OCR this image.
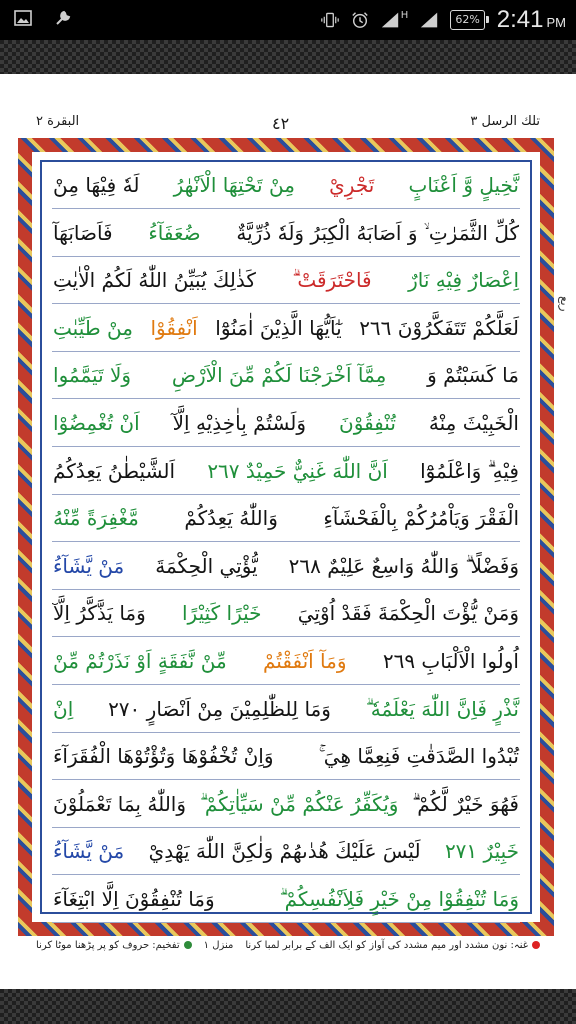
H	62% 2:41 PM
البقرة ٢	٤٢	تلك الرسل ٣
نَّخِيلٍ وَّ اَعْنَابٍ
تَجْرِيْ
مِنْ تَحْتِهَا الْاَنْهٰرُ
لَهٗ فِيْهَا مِنْ
كُلِّ الثَّمَرٰتِ ۙ وَ اَصَابَهُ الْكِبَرُ وَلَهٗ ذُرِّيَّةٌ
ضُعَفَآءُ
فَاَصَابَهَآ
اِعْصَارٌ فِيْهِ نَارٌ
فَاحْتَرَقَتْ ۗ
كَذٰلِكَ يُبَيِّنُ اللّٰهُ لَكُمُ الْاٰيٰتِ
لَعَلَّكُمْ تَتَفَكَّرُوْنَ ٢٦٦
يٰٓاَيُّهَا الَّذِيْنَ اٰمَنُوْٓا
اَنْفِقُوْا
مِنْ طَيِّبٰتِ
مَا كَسَبْتُمْ وَ
مِمَّآ اَخْرَجْنَا لَكُمْ مِّنَ الْاَرْضِ
وَلَا تَيَمَّمُوا
الْخَبِيْثَ مِنْهُ
تُنْفِقُوْنَ
وَلَسْتُمْ بِاٰخِذِيْهِ اِلَّآ
اَنْ تُغْمِضُوْا
فِيْهِ ۗ وَاعْلَمُوْٓا
اَنَّ اللّٰهَ غَنِيٌّ حَمِيْدٌ ٢٦٧
اَلشَّيْطٰنُ يَعِدُكُمُ
الْفَقْرَ وَيَاْمُرُكُمْ بِالْفَحْشَآءِ
وَاللّٰهُ يَعِدُكُمْ
مَّغْفِرَةً مِّنْهُ
وَفَضْلًا ۗ وَاللّٰهُ وَاسِعٌ عَلِيْمٌ ٢٦٨
يُّؤْتِي الْحِكْمَةَ
مَنْ يَّشَآءُ
وَمَنْ يُّؤْتَ الْحِكْمَةَ فَقَدْ اُوْتِيَ
خَيْرًا كَثِيْرًا
وَمَا يَذَّكَّرُ اِلَّآ
اُولُوا الْاَلْبَابِ ٢٦٩
وَمَآ اَنْفَقْتُمْ
مِّنْ نَّفَقَةٍ اَوْ نَذَرْتُمْ مِّنْ
نَّذْرٍ فَاِنَّ اللّٰهَ يَعْلَمُهٗ ۗ
وَمَا لِلظّٰلِمِيْنَ مِنْ اَنْصَارٍ ٢٧٠
اِنْ
تُبْدُوا الصَّدَقٰتِ فَنِعِمَّا هِيَ ۚ
وَاِنْ تُخْفُوْهَا وَتُؤْتُوْهَا الْفُقَرَآءَ
فَهُوَ خَيْرٌ لَّكُمْ ۗ
وَيُكَفِّرُ عَنْكُمْ مِّنْ سَيِّاٰتِكُمْ ۗ
وَاللّٰهُ بِمَا تَعْمَلُوْنَ
خَبِيْرٌ ٢٧١
لَيْسَ عَلَيْكَ هُدٰىهُمْ وَلٰكِنَّ اللّٰهَ يَهْدِيْ
مَنْ يَّشَآءُ
وَمَا تُنْفِقُوْا مِنْ خَيْرٍ فَلِاَنْفُسِكُمْ ۗ
وَمَا تُنْفِقُوْنَ اِلَّا ابْتِغَآءَ
ربع
غنہ: نون مشدد اور میم مشدد کی آواز کو ایک الف کے برابر لمبا کرنا
منزل ١
تفخیم: حروف کو پر پڑھنا موٹا کرنا
